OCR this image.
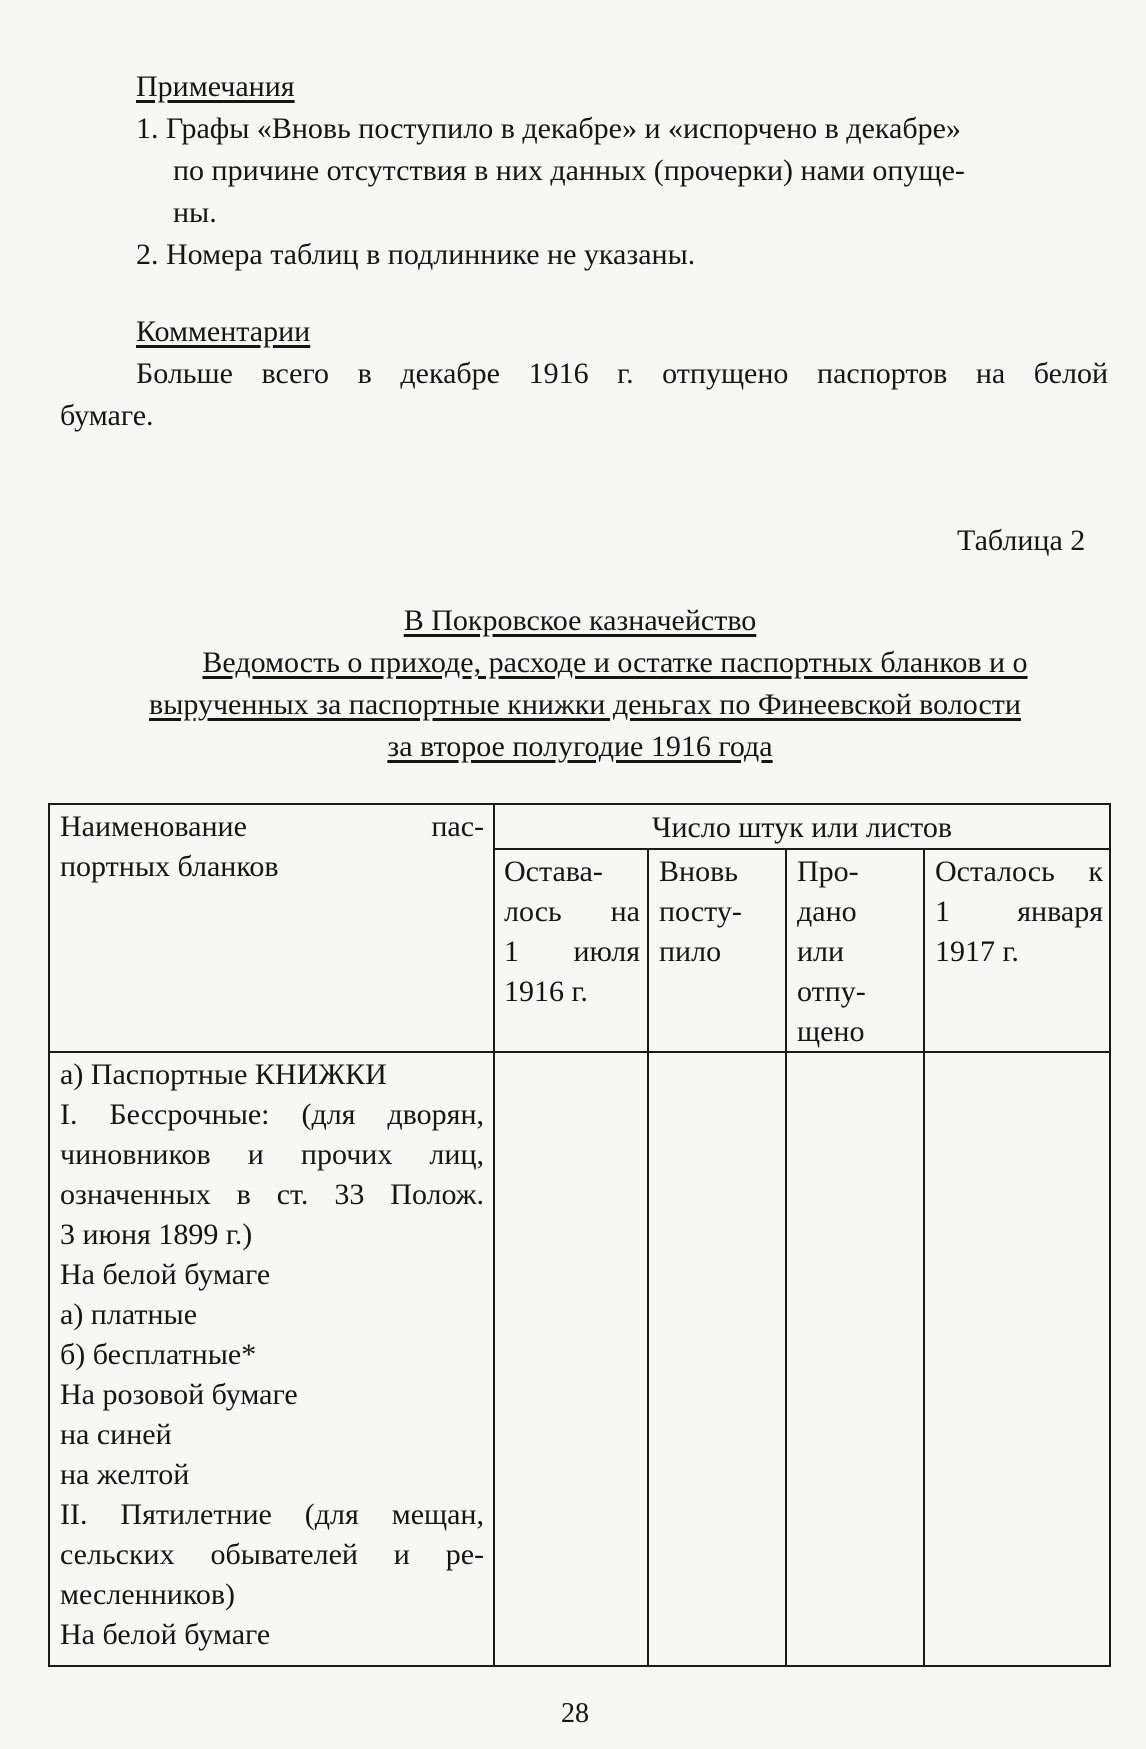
Примечания
1. Графы «Вновь поступило в декабре» и «испорчено в декабре»
по причине отсутствия в них данных (прочерки) нами опуще-
ны.
2. Номера таблиц в подлиннике не указаны.
Комментарии
Больше всего в декабре 1916 г. отпущено паспортов на белой
бумаге.
Таблица 2
В Покровское казначейство
Ведомость о приходе, расходе и остатке паспортных бланков и о
вырученных за паспортные книжки деньгах по Финеевской волости
за второе полугодие 1916 года
Наименование пас-
портных бланков
Число штук или листов
Остава-
лось на
1 июля
1916 г.
Вновь
посту-
пило
Про-
дано
или
отпу-
щено
Осталось к
1 января
1917 г.
а) Паспортные КНИЖКИ
I. Бессрочные: (для дворян,
чиновников и прочих лиц,
означенных в ст. 33 Полож.
3 июня 1899 г.)
На белой бумаге
а) платные
б) бесплатные*
На розовой бумаге
на синей
на желтой
II. Пятилетние (для мещан,
сельских обывателей и ре-
месленников)
На белой бумаге
28
